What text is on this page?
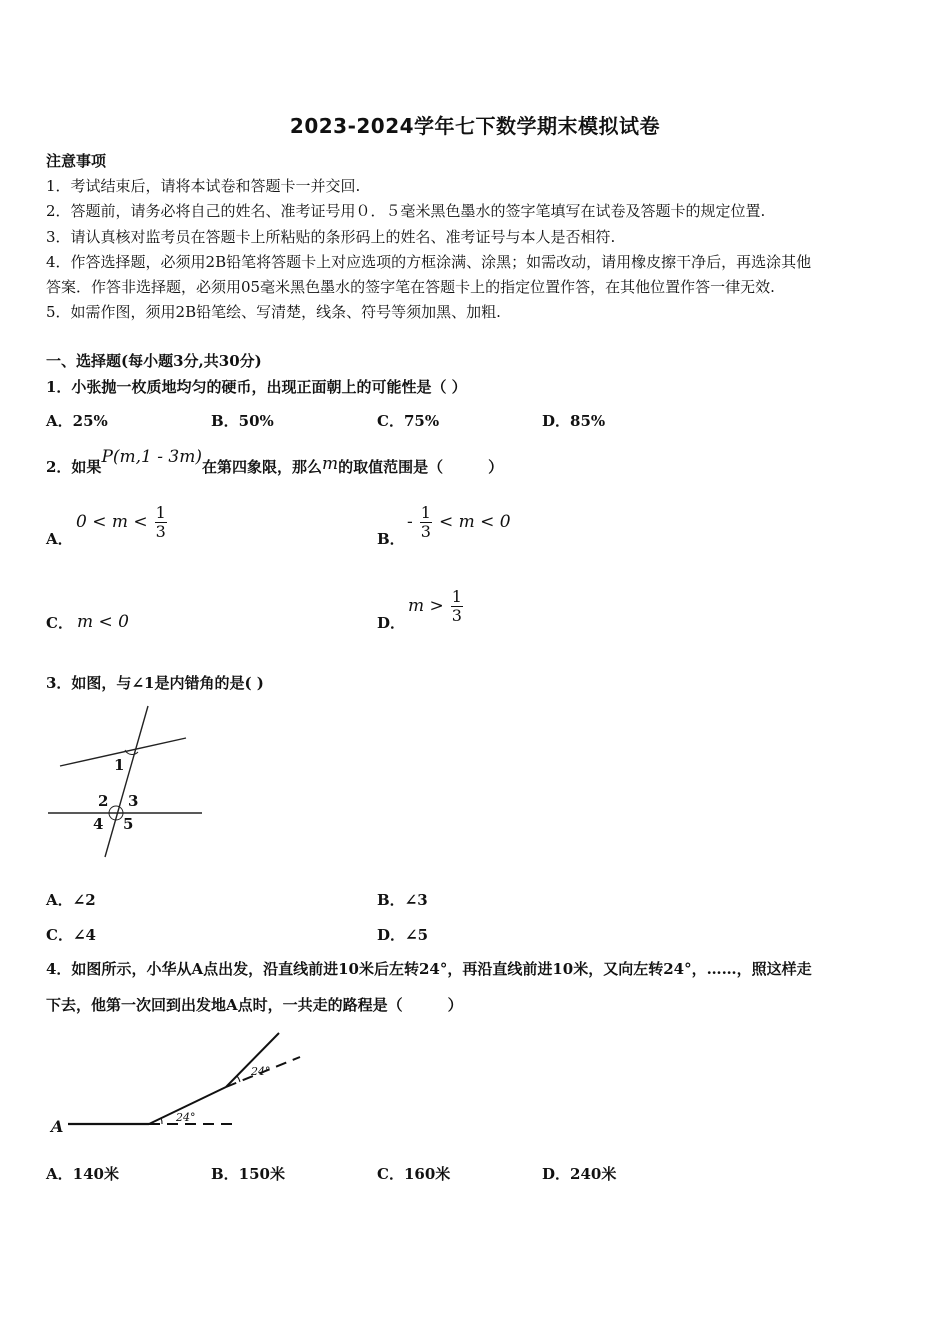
2023-2024学年七下数学期末模拟试卷
注意事项
1．考试结束后，请将本试卷和答题卡一并交回.
2．答题前，请务必将自己的姓名、准考证号用０．５毫米黑色墨水的签字笔填写在试卷及答题卡的规定位置.
3．请认真核对监考员在答题卡上所粘贴的条形码上的姓名、准考证号与本人是否相符.
4．作答选择题，必须用2B铅笔将答题卡上对应选项的方框涂满、涂黑；如需改动，请用橡皮擦干净后，再选涂其他
答案．作答非选择题，必须用05毫米黑色墨水的签字笔在答题卡上的指定位置作答，在其他位置作答一律无效.
5．如需作图，须用2B铅笔绘、写清楚，线条、符号等须加黑、加粗.
一、选择题(每小题3分,共30分)
1．小张抛一枚质地均匀的硬币，出现正面朝上的可能性是（ ）
A．25%	B．50%	C．75%	D．85%
2．如果P(m,1 - 3m)在第四象限，那么m的取值范围是（　　　）
A．
$0 < m < \frac{1}{3}$	B．
- $\frac{1}{3} < m < 0$
C． m < 0	D．
$m > \frac{1}{3}$
3．如图，与∠1是内错角的是( )
1
2 3
4 5
A．∠2	B．∠3
C．∠4	D．∠5
4．如图所示，小华从A点出发，沿直线前进10米后左转24°，再沿直线前进10米，又向左转24°，……，照这样走
下去，他第一次回到出发地A点时，一共走的路程是（　　　）
A	24°
24°
A．140米	B．150米	C．160米	D．240米
